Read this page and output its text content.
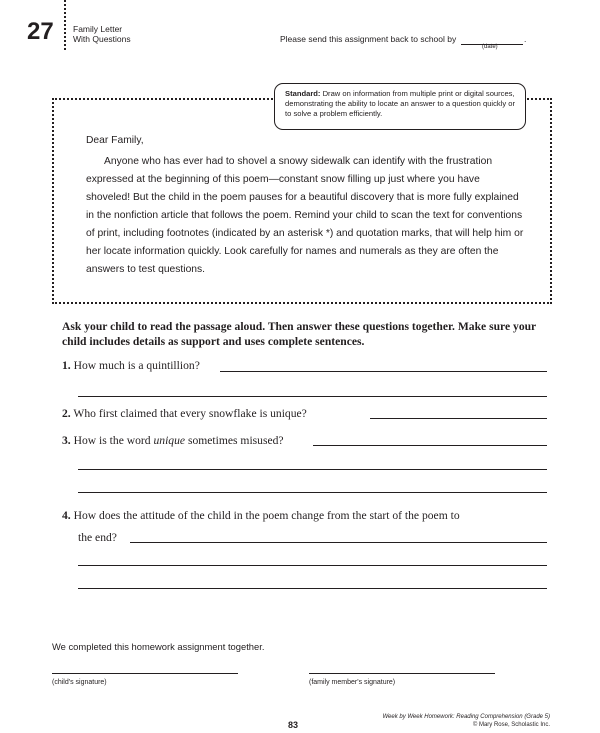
27 Family Letter
With Questions	Please send this assignment back to school by	.
(date)
Standard: Draw on information from multiple print or digital sources, demonstrating the ability to locate an answer to a question quickly or to solve a problem efficiently.
Dear Family,
Anyone who has ever had to shovel a snowy sidewalk can identify with the frustration expressed at the beginning of this poem—constant snow filling up just where you have shoveled! But the child in the poem pauses for a beautiful discovery that is more fully explained in the nonfiction article that follows the poem. Remind your child to scan the text for conventions of print, including footnotes (indicated by an asterisk *) and quotation marks, that will help him or her locate information quickly. Look carefully for names and numerals as they are often the answers to test questions.
Ask your child to read the passage aloud. Then answer these questions together. Make sure your child includes details as support and uses complete sentences.
1. How much is a quintillion?
2. Who first claimed that every snowflake is unique?
3. How is the word unique sometimes misused?
4. How does the attitude of the child in the poem change from the start of the poem to
the end?
We completed this homework assignment together.
(child's signature)	(family member's signature)
83
Week by Week Homework: Reading Comprehension (Grade 5)
© Mary Rose, Scholastic Inc.
